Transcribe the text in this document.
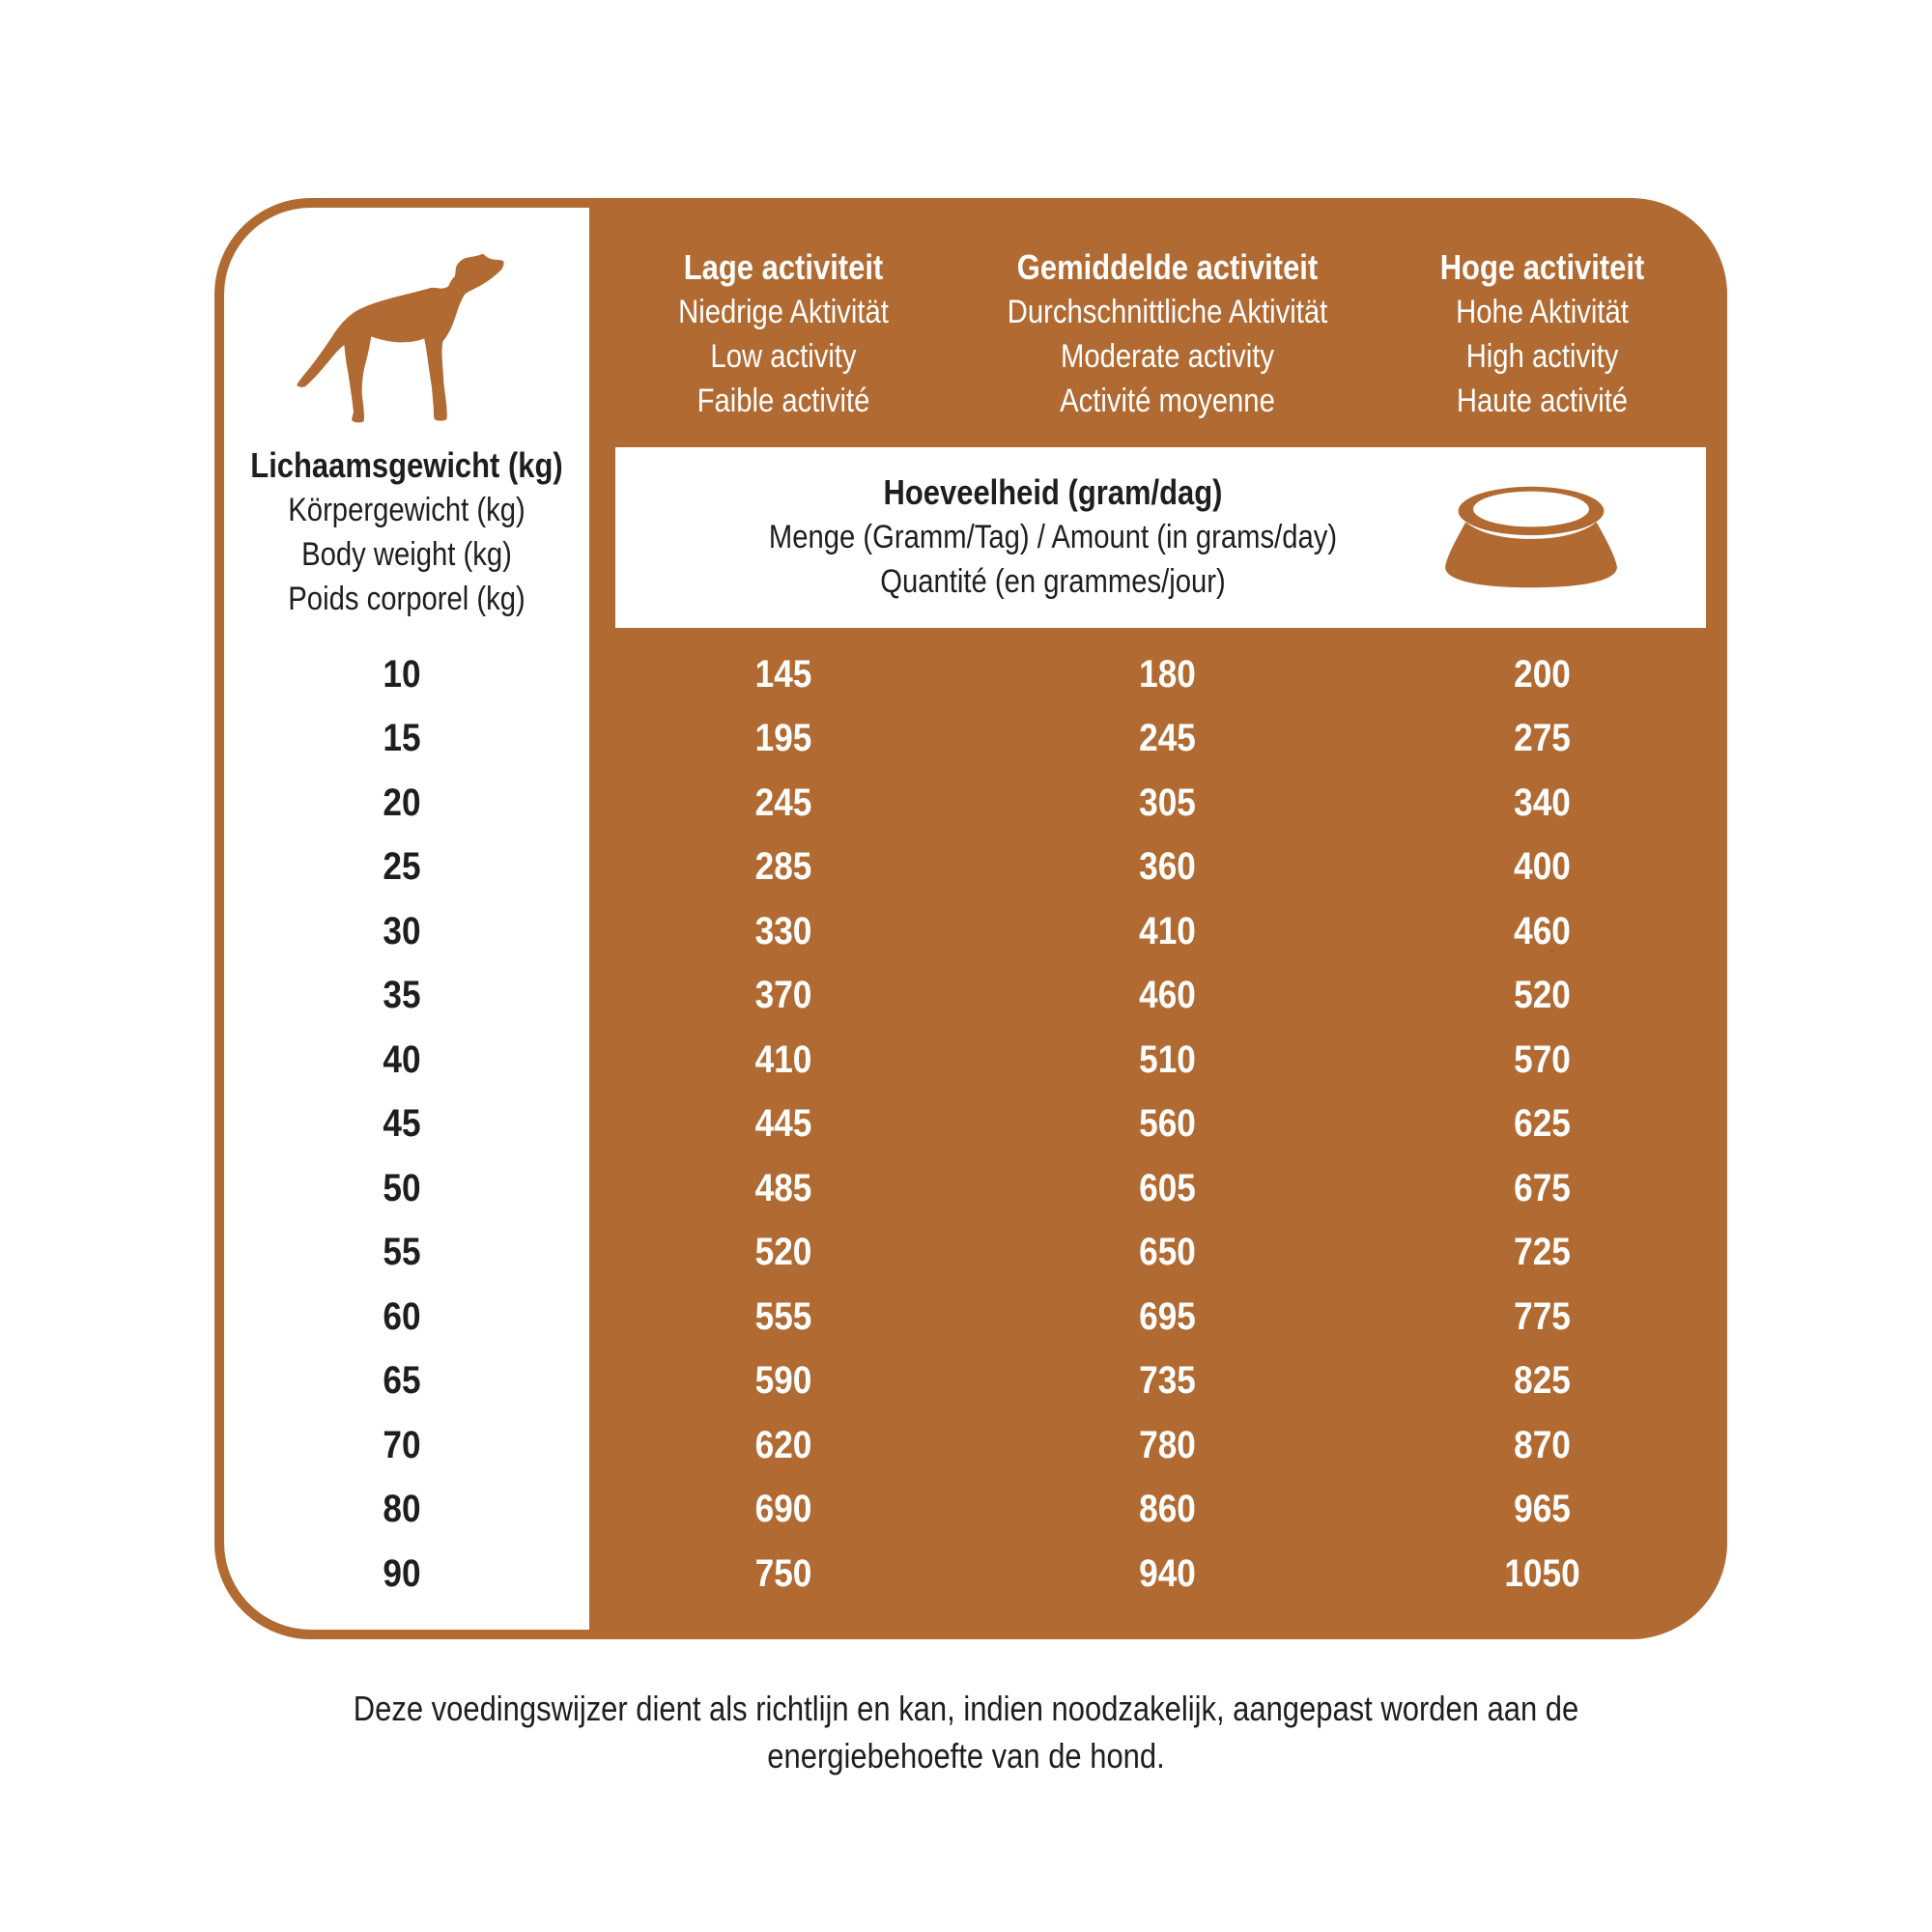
Lichaamsgewicht (kg)
Körpergewicht (kg)
Body weight (kg)
Poids corporel (kg)
Lage activiteit
Niedrige Aktivität
Low activity
Faible activité
Gemiddelde activiteit
Durchschnittliche Aktivität
Moderate activity
Activité moyenne
Hoge activiteit
Hohe Aktivität
High activity
Haute activité
Hoeveelheid (gram/dag)
Menge (Gramm/Tag) / Amount (in grams/day)
Quantité (en grammes/jour)
10	145	180	200
15	195	245	275
20	245	305	340
25	285	360	400
30	330	410	460
35	370	460	520
40	410	510	570
45	445	560	625
50	485	605	675
55	520	650	725
60	555	695	775
65	590	735	825
70	620	780	870
80	690	860	965
90	750	940	1050
Deze voedingswijzer dient als richtlijn en kan, indien noodzakelijk, aangepast worden aan de
energiebehoefte van de hond.
